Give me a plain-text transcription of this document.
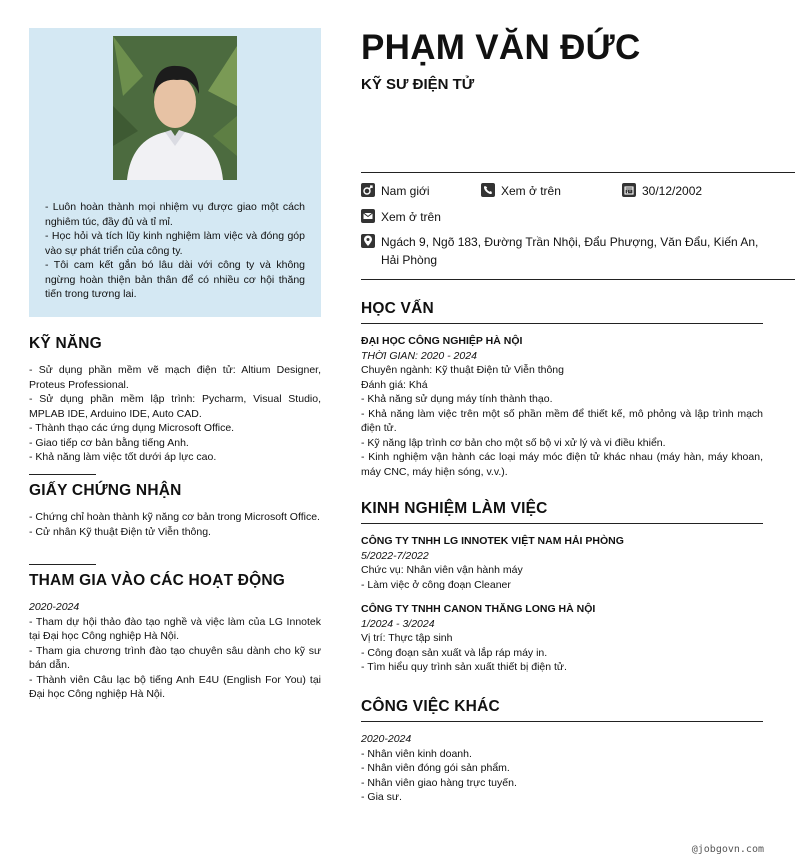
- Luôn hoàn thành mọi nhiệm vụ được giao một cách nghiêm túc, đầy đủ và tỉ mỉ.

- Học hỏi và tích lũy kinh nghiệm làm việc và đóng góp vào sự phát triển của công ty.

- Tôi cam kết gắn bó lâu dài với công ty và không ngừng hoàn thiện bản thân để có nhiều cơ hội thăng tiến trong tương lai.

KỸ NĂNG

- Sử dụng phần mềm vẽ mạch điện tử: Altium Designer, Proteus Professional.

- Sử dụng phần mềm lập trình: Pycharm, Visual Studio, MPLAB IDE, Arduino IDE, Auto CAD.

- Thành thạo các ứng dụng Microsoft Office.

- Giao tiếp cơ bản bằng tiếng Anh.

- Khả năng làm việc tốt dưới áp lực cao.

GIẤY CHỨNG NHẬN

- Chứng chỉ hoàn thành kỹ năng cơ bản trong Microsoft Office.

- Cử nhân Kỹ thuật Điện tử Viễn thông.

THAM GIA VÀO CÁC HOẠT ĐỘNG

2020-2024

- Tham dự hội thảo đào tạo nghề và việc làm của LG Innotek tại Đại học Công nghiệp Hà Nội.

- Tham gia chương trình đào tạo chuyên sâu dành cho kỹ sư bán dẫn.

- Thành viên Câu lạc bộ tiếng Anh E4U (English For You) tại Đại học Công nghiệp Hà Nội.

PHẠM VĂN ĐỨC
KỸ SƯ ĐIỆN TỬ
Nam giới	Xem ở trên	30/12/2002
Xem ở trên
Ngách 9, Ngõ 183, Đường Trần Nhội, Đẩu Phượng, Văn Đẩu, Kiến An, Hải Phòng
HỌC VẤN

ĐẠI HỌC CÔNG NGHIỆP HÀ NỘI

THỜI GIAN: 2020 - 2024

Chuyên ngành: Kỹ thuật Điện tử Viễn thông

Đánh giá: Khá

- Khả năng sử dụng máy tính thành thạo.

- Khả năng làm việc trên một số phần mềm để thiết kế, mô phỏng và lập trình mạch điện tử.

- Kỹ năng lập trình cơ bản cho một số bộ vi xử lý và vi điều khiển.

- Kinh nghiệm vận hành các loại máy móc điện tử khác nhau (máy hàn, máy khoan, máy CNC, máy hiện sóng, v.v.).

KINH NGHIỆM LÀM VIỆC

CÔNG TY TNHH LG INNOTEK VIỆT NAM HẢI PHÒNG

5/2022-7/2022

Chức vụ: Nhân viên vận hành máy

- Làm việc ở công đoạn Cleaner

CÔNG TY TNHH CANON THĂNG LONG HÀ NỘI

1/2024 - 3/2024

Vị trí: Thực tập sinh

- Công đoạn sản xuất và lắp ráp máy in.

- Tìm hiểu quy trình sản xuất thiết bị điện tử.

CÔNG VIỆC KHÁC

2020-2024

- Nhân viên kinh doanh.

- Nhân viên đóng gói sản phẩm.

- Nhân viên giao hàng trực tuyến.

- Gia sư.

@jobgovn.com
